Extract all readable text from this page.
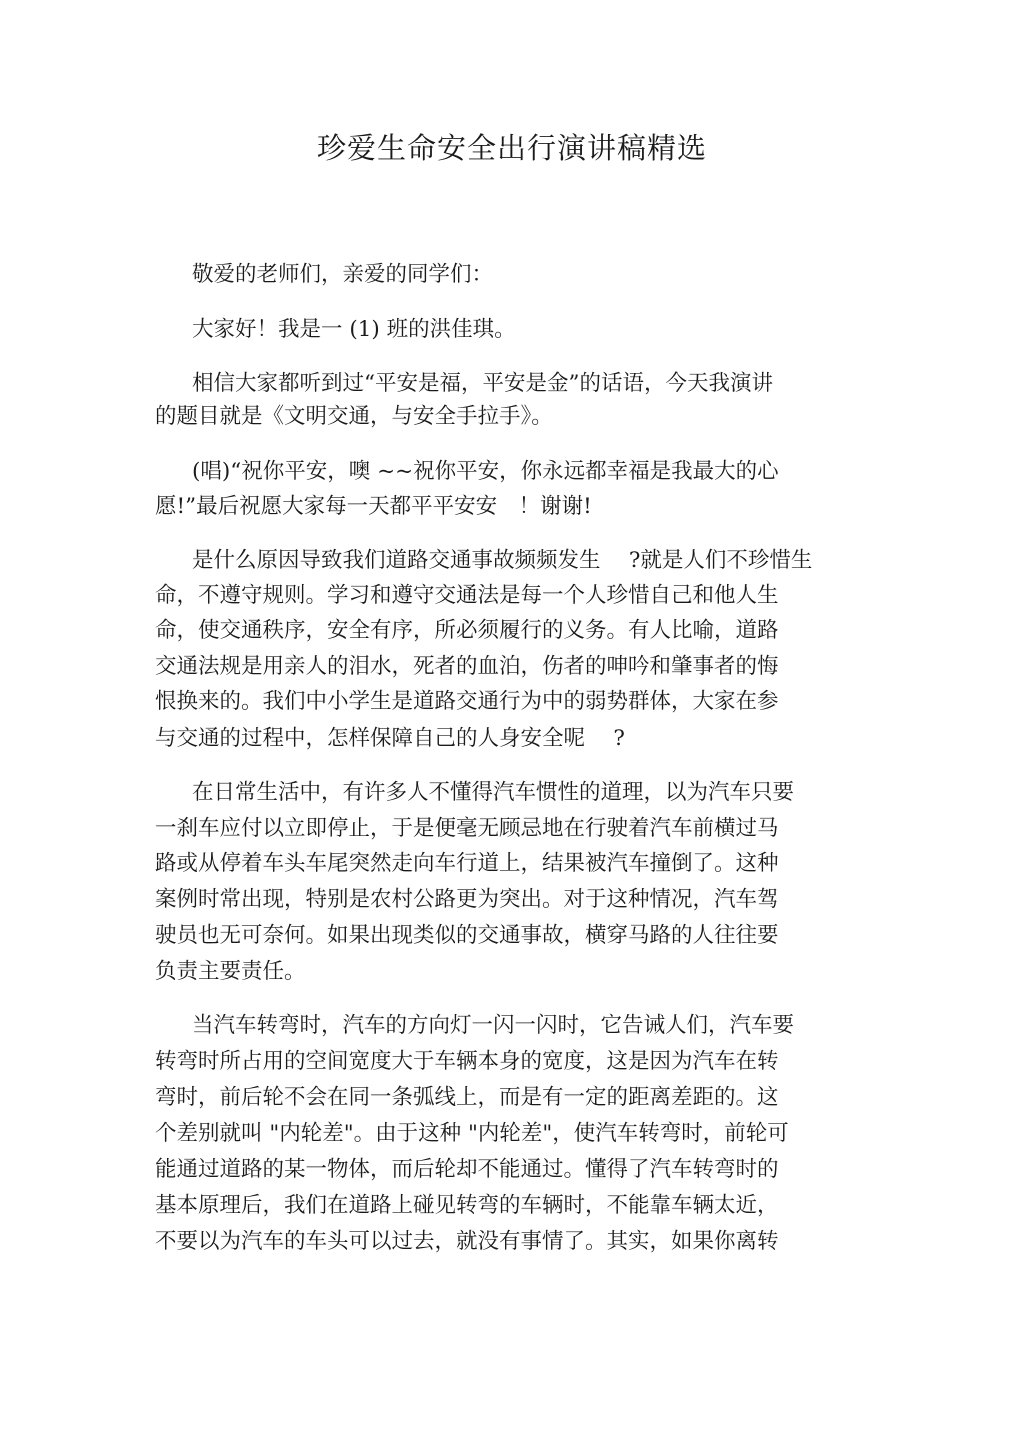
珍爱生命安全出行演讲稿精选
敬爱的老师们，亲爱的同学们：
大家好！我是一 (1) 班的洪佳琪。
相信大家都听到过“平安是福，平安是金”的话语，今天我演讲
的题目就是《文明交通，与安全手拉手》。
(唱)“祝你平安，噢 ~~祝你平安，你永远都幸福是我最大的心
愿!”最后祝愿大家每一天都平平安安　！谢谢!
是什么原因导致我们道路交通事故频频发生　 ?就是人们不珍惜生
命，不遵守规则。学习和遵守交通法是每一个人珍惜自己和他人生
命，使交通秩序，安全有序，所必须履行的义务。有人比喻，道路
交通法规是用亲人的泪水，死者的血泊，伤者的呻吟和肇事者的悔
恨换来的。我们中小学生是道路交通行为中的弱势群体，大家在参
与交通的过程中，怎样保障自己的人身安全呢　 ?
在日常生活中，有许多人不懂得汽车惯性的道理，以为汽车只要
一刹车应付以立即停止，于是便毫无顾忌地在行驶着汽车前横过马
路或从停着车头车尾突然走向车行道上，结果被汽车撞倒了。这种
案例时常出现，特别是农村公路更为突出。对于这种情况，汽车驾
驶员也无可奈何。如果出现类似的交通事故，横穿马路的人往往要
负责主要责任。
当汽车转弯时，汽车的方向灯一闪一闪时，它告诫人们，汽车要
转弯时所占用的空间宽度大于车辆本身的宽度，这是因为汽车在转
弯时，前后轮不会在同一条弧线上，而是有一定的距离差距的。这
个差别就叫 "内轮差"。由于这种 "内轮差"，使汽车转弯时，前轮可
能通过道路的某一物体，而后轮却不能通过。懂得了汽车转弯时的
基本原理后，我们在道路上碰见转弯的车辆时，不能靠车辆太近，
不要以为汽车的车头可以过去，就没有事情了。其实，如果你离转
